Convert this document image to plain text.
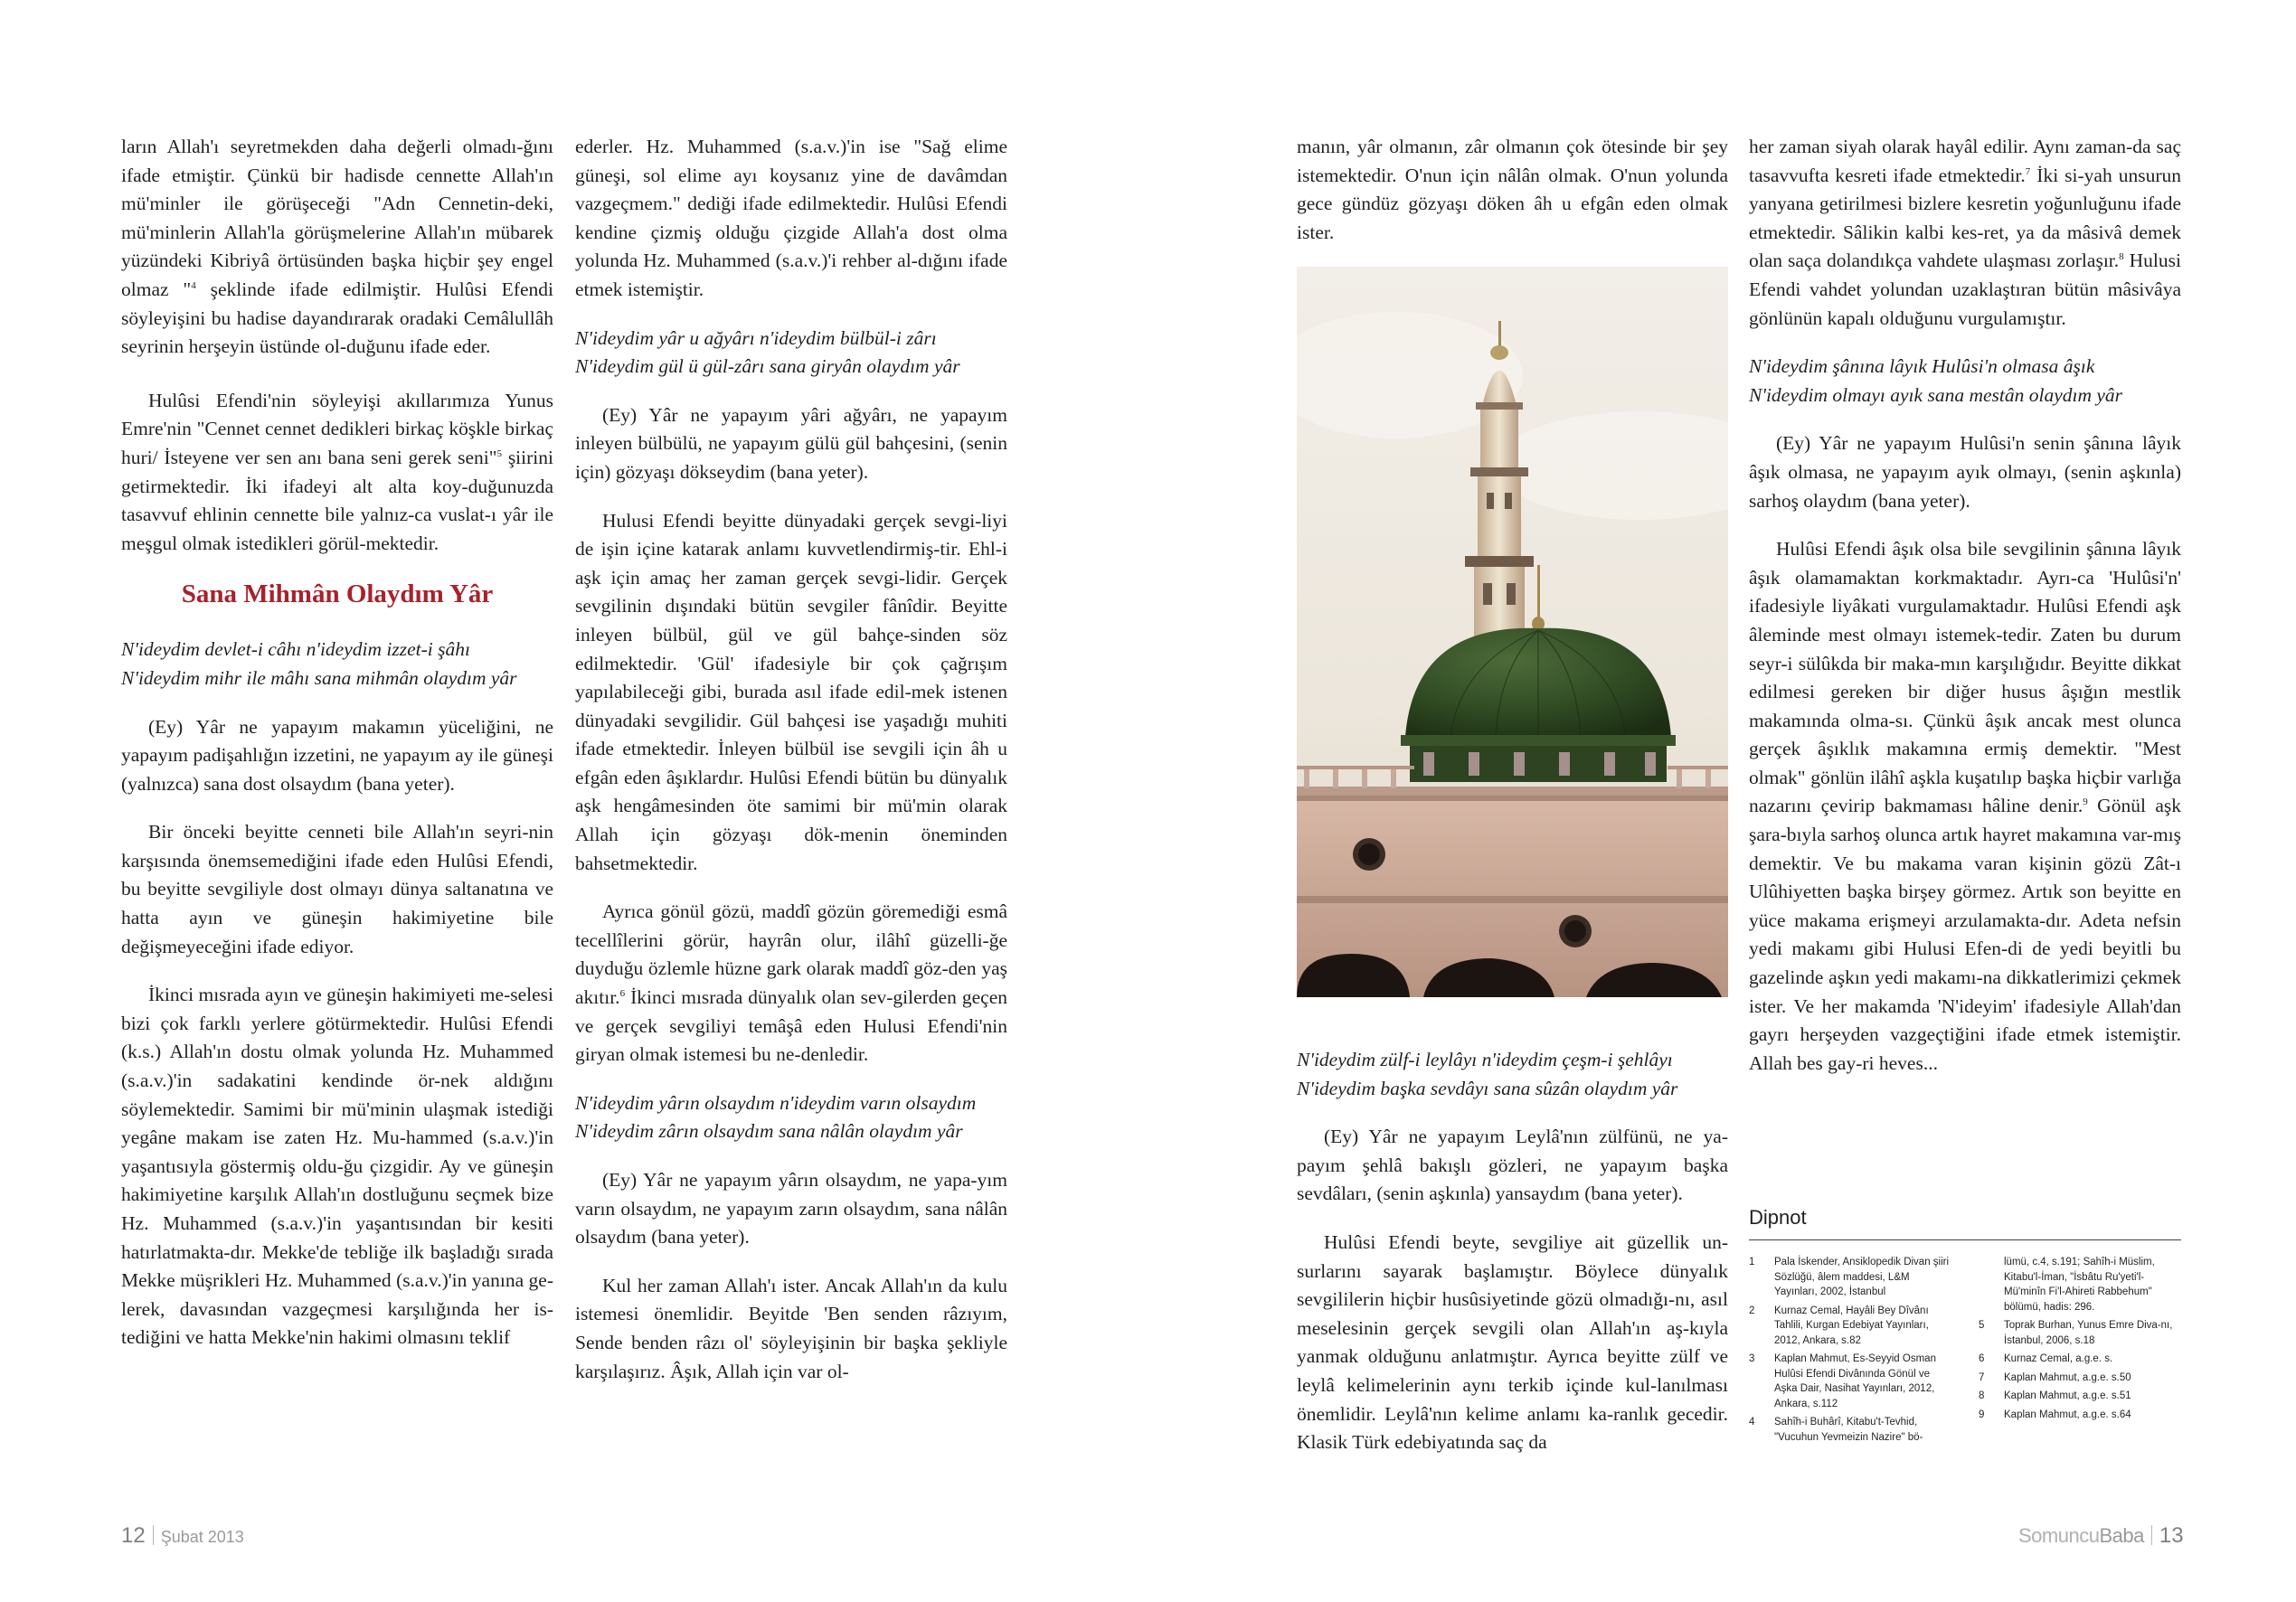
ların Allah'ı seyretmekden daha değerli olmadı-ğını ifade etmiştir. Çünkü bir hadisde cennette Allah'ın mü'minler ile görüşeceği "Adn Cennetin-deki, mü'minlerin Allah'la görüşmelerine Allah'ın mübarek yüzündeki Kibriyâ örtüsünden başka hiçbir şey engel olmaz "$^4$ şeklinde ifade edilmiştir. Hulûsi Efendi söyleyişini bu hadise dayandırarak oradaki Cemâlullâh seyrinin herşeyin üstünde ol-duğunu ifade eder.

Hulûsi Efendi'nin söyleyişi akıllarımıza Yunus Emre'nin "Cennet cennet dedikleri birkaç köşkle birkaç huri/ İsteyene ver sen anı bana seni gerek seni"$^5$ şiirini getirmektedir. İki ifadeyi alt alta koy-duğunuzda tasavvuf ehlinin cennette bile yalnız-ca vuslat-ı yâr ile meşgul olmak istedikleri görül-mektedir.

Sana Mihmân Olaydım Yâr

N'ideydim devlet-i câhı n'ideydim izzet-i şâhı
N'ideydim mihr ile mâhı sana mihmân olaydım yâr

(Ey) Yâr ne yapayım makamın yüceliğini, ne yapayım padişahlığın izzetini, ne yapayım ay ile güneşi (yalnızca) sana dost olsaydım (bana yeter).

Bir önceki beyitte cenneti bile Allah'ın seyri-nin karşısında önemsemediğini ifade eden Hulûsi Efendi, bu beyitte sevgiliyle dost olmayı dünya saltanatına ve hatta ayın ve güneşin hakimiyetine bile değişmeyeceğini ifade ediyor.

İkinci mısrada ayın ve güneşin hakimiyeti me-selesi bizi çok farklı yerlere götürmektedir. Hulûsi Efendi (k.s.) Allah'ın dostu olmak yolunda Hz. Muhammed (s.a.v.)'in sadakatini kendinde ör-nek aldığını söylemektedir. Samimi bir mü'minin ulaşmak istediği yegâne makam ise zaten Hz. Mu-hammed (s.a.v.)'in yaşantısıyla göstermiş oldu-ğu çizgidir. Ay ve güneşin hakimiyetine karşılık Allah'ın dostluğunu seçmek bize Hz. Muhammed (s.a.v.)'in yaşantısından bir kesiti hatırlatmakta-dır. Mekke'de tebliğe ilk başladığı sırada Mekke müşrikleri Hz. Muhammed (s.a.v.)'in yanına ge-lerek, davasından vazgeçmesi karşılığında her is-tediğini ve hatta Mekke'nin hakimi olmasını teklif

ederler. Hz. Muhammed (s.a.v.)'in ise "Sağ elime güneşi, sol elime ayı koysanız yine de davâmdan vazgeçmem." dediği ifade edilmektedir. Hulûsi Efendi kendine çizmiş olduğu çizgide Allah'a dost olma yolunda Hz. Muhammed (s.a.v.)'i rehber al-dığını ifade etmek istemiştir.

N'ideydim yâr u ağyârı n'ideydim bülbül-i zârı
N'ideydim gül ü gül-zârı sana giryân olaydım yâr

(Ey) Yâr ne yapayım yâri ağyârı, ne yapayım inleyen bülbülü, ne yapayım gülü gül bahçesini, (senin için) gözyaşı dökseydim (bana yeter).

Hulusi Efendi beyitte dünyadaki gerçek sevgi-liyi de işin içine katarak anlamı kuvvetlendirmiş-tir. Ehl-i aşk için amaç her zaman gerçek sevgi-lidir. Gerçek sevgilinin dışındaki bütün sevgiler fânîdir. Beyitte inleyen bülbül, gül ve gül bahçe-sinden söz edilmektedir. 'Gül' ifadesiyle bir çok çağrışım yapılabileceği gibi, burada asıl ifade edil-mek istenen dünyadaki sevgilidir. Gül bahçesi ise yaşadığı muhiti ifade etmektedir. İnleyen bülbül ise sevgili için âh u efgân eden âşıklardır. Hulûsi Efendi bütün bu dünyalık aşk hengâmesinden öte samimi bir mü'min olarak Allah için gözyaşı dök-menin öneminden bahsetmektedir.

Ayrıca gönül gözü, maddî gözün göremediği esmâ tecellîlerini görür, hayrân olur, ilâhî güzelli-ğe duyduğu özlemle hüzne gark olarak maddî göz-den yaş akıtır.$^6$ İkinci mısrada dünyalık olan sev-gilerden geçen ve gerçek sevgiliyi temâşâ eden Hulusi Efendi'nin giryan olmak istemesi bu ne-denledir.

N'ideydim yârın olsaydım n'ideydim varın olsaydım
N'ideydim zârın olsaydım sana nâlân olaydım yâr

(Ey) Yâr ne yapayım yârın olsaydım, ne yapa-yım varın olsaydım, ne yapayım zarın olsaydım, sana nâlân olsaydım (bana yeter).

Kul her zaman Allah'ı ister. Ancak Allah'ın da kulu istemesi önemlidir. Beyitde 'Ben senden râzıyım, Sende benden râzı ol' söyleyişinin bir başka şekliyle karşılaşırız. Âşık, Allah için var ol-

12 Şubat 2013

manın, yâr olmanın, zâr olmanın çok ötesinde bir şey istemektedir. O'nun için nâlân olmak. O'nun yolunda gece gündüz gözyaşı döken âh u efgân eden olmak ister.

N'ideydim zülf-i leylâyı n'ideydim çeşm-i şehlâyı
N'ideydim başka sevdâyı sana sûzân olaydım yâr

(Ey) Yâr ne yapayım Leylâ'nın zülfünü, ne ya-payım şehlâ bakışlı gözleri, ne yapayım başka sevdâları, (senin aşkınla) yansaydım (bana yeter).

Hulûsi Efendi beyte, sevgiliye ait güzellik un-surlarını sayarak başlamıştır. Böylece dünyalık sevgililerin hiçbir husûsiyetinde gözü olmadığı-nı, asıl meselesinin gerçek sevgili olan Allah'ın aş-kıyla yanmak olduğunu anlatmıştır. Ayrıca beyitte zülf ve leylâ kelimelerinin aynı terkib içinde kul-lanılması önemlidir. Leylâ'nın kelime anlamı ka-ranlık gecedir. Klasik Türk edebiyatında saç da

her zaman siyah olarak hayâl edilir. Aynı zaman-da saç tasavvufta kesreti ifade etmektedir.$^7$ İki si-yah unsurun yanyana getirilmesi bizlere kesretin yoğunluğunu ifade etmektedir. Sâlikin kalbi kes-ret, ya da mâsivâ demek olan saça dolandıkça vahdete ulaşması zorlaşır.$^8$ Hulusi Efendi vahdet yolundan uzaklaştıran bütün mâsivâya gönlünün kapalı olduğunu vurgulamıştır.

N'ideydim şânına lâyık Hulûsi'n olmasa âşık
N'ideydim olmayı ayık sana mestân olaydım yâr

(Ey) Yâr ne yapayım Hulûsi'n senin şânına lâyık âşık olmasa, ne yapayım ayık olmayı, (senin aşkınla) sarhoş olaydım (bana yeter).

Hulûsi Efendi âşık olsa bile sevgilinin şânına lâyık âşık olamamaktan korkmaktadır. Ayrı-ca 'Hulûsi'n' ifadesiyle liyâkati vurgulamaktadır. Hulûsi Efendi aşk âleminde mest olmayı istemek-tedir. Zaten bu durum seyr-i sülûkda bir maka-mın karşılığıdır. Beyitte dikkat edilmesi gereken bir diğer husus âşığın mestlik makamında olma-sı. Çünkü âşık ancak mest olunca gerçek âşıklık makamına ermiş demektir. "Mest olmak" gönlün ilâhî aşkla kuşatılıp başka hiçbir varlığa nazarını çevirip bakmaması hâline denir.$^9$ Gönül aşk şara-bıyla sarhoş olunca artık hayret makamına var-mış demektir. Ve bu makama varan kişinin gözü Zât-ı Ulûhiyetten başka birşey görmez. Artık son beyitte en yüce makama erişmeyi arzulamakta-dır. Adeta nefsin yedi makamı gibi Hulusi Efen-di de yedi beyitli bu gazelinde aşkın yedi makamı-na dikkatlerimizi çekmek ister. Ve her makamda 'N'ideyim' ifadesiyle Allah'dan gayrı herşeyden vazgeçtiğini ifade etmek istemiştir. Allah bes gay-ri heves...

Dipnot
1	Pala İskender, Ansiklopedik Divan şiiri Sözlüğü, âlem maddesi, L&M Yayınları, 2002, İstanbul
2	Kurnaz Cemal, Hayâli Bey Dîvânı Tahlili, Kurgan Edebiyat Yayınları, 2012, Ankara, s.82
3	Kaplan Mahmut, Es-Seyyid Osman Hulûsi Efendi Divânında Gönül ve Aşka Dair, Nasihat Yayınları, 2012, Ankara, s.112
4	Sahîh-i Buhârî, Kitabu't-Tevhid, "Vucuhun Yevmeizin Nazire" bö-
lümü, c.4, s.191; Sahîh-i Müslim, Kitabu'l-İman, "İsbâtu Ru'yeti'l-Mü'minîn Fi'l-Ahireti Rabbehum" bölümü, hadis: 296.
5	Toprak Burhan, Yunus Emre Diva-nı, İstanbul, 2006, s.18
6	Kurnaz Cemal, a.g.e. s.
7	Kaplan Mahmut, a.g.e. s.50
8	Kaplan Mahmut, a.g.e. s.51
9	Kaplan Mahmut, a.g.e. s.64
SomuncuBaba 13
